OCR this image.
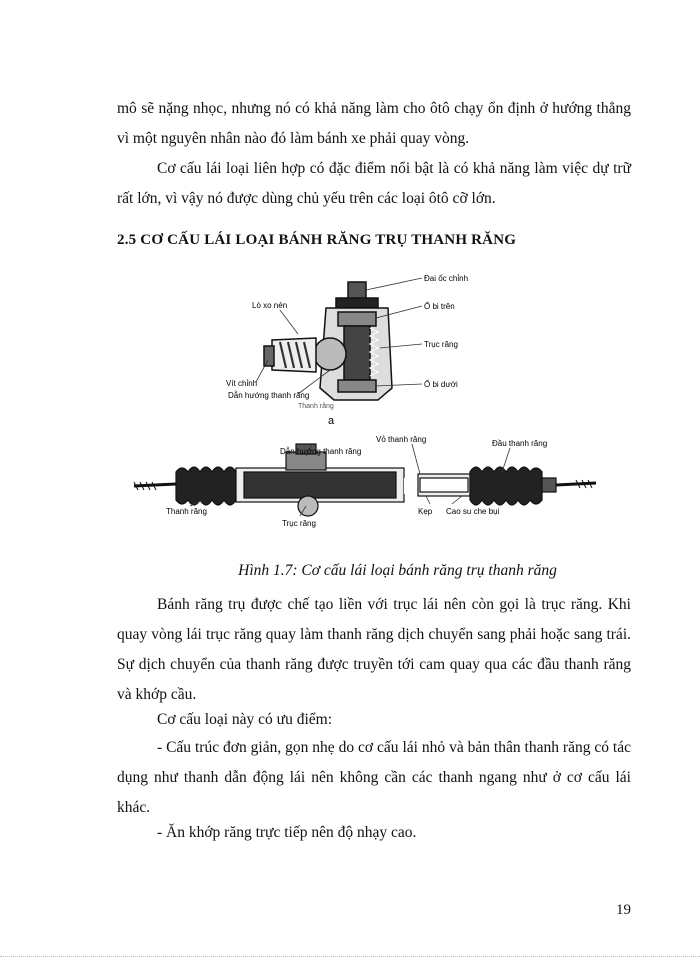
mô sẽ nặng nhọc, nhưng nó có khả năng làm cho ôtô chạy ổn định ở hướng thẳng vì một nguyên nhân nào đó làm bánh xe phải quay vòng.

Cơ cấu lái loại liên hợp có đặc điểm nổi bật là có khả năng làm việc dự trữ rất lớn, vì vậy nó được dùng chủ yếu trên các loại ôtô cỡ lớn.

2.5 CƠ CẤU LÁI LOẠI BÁNH RĂNG TRỤ THANH RĂNG
Đai ốc chỉnh
Ổ bi trên
Trục răng
Ổ bi dưới
Lò xo nén
Vít chỉnh
Dẫn hướng thanh răng
Thanh răng
a
Vỏ thanh răng	Đầu thanh răng
Dẫn hướng thanh răng
Thanh răng
Trục răng
Kẹp Cao su che bụi

Hình 1.7: Cơ cấu lái loại bánh răng trụ thanh răng

Bánh răng trụ được chế tạo liền với trục lái nên còn gọi là trục răng. Khi quay vòng lái trục răng quay làm thanh răng dịch chuyển sang phải hoặc sang trái. Sự dịch chuyển của thanh răng được truyền tới cam quay qua các đầu thanh răng và khớp cầu.

Cơ cấu loại này có ưu điểm:

- Cấu trúc đơn giản, gọn nhẹ do cơ cấu lái nhỏ và bản thân thanh răng có tác dụng như thanh dẫn động lái nên không cần các thanh ngang như ở cơ cấu lái khác.

- Ăn khớp răng trực tiếp nên độ nhạy cao.

19
